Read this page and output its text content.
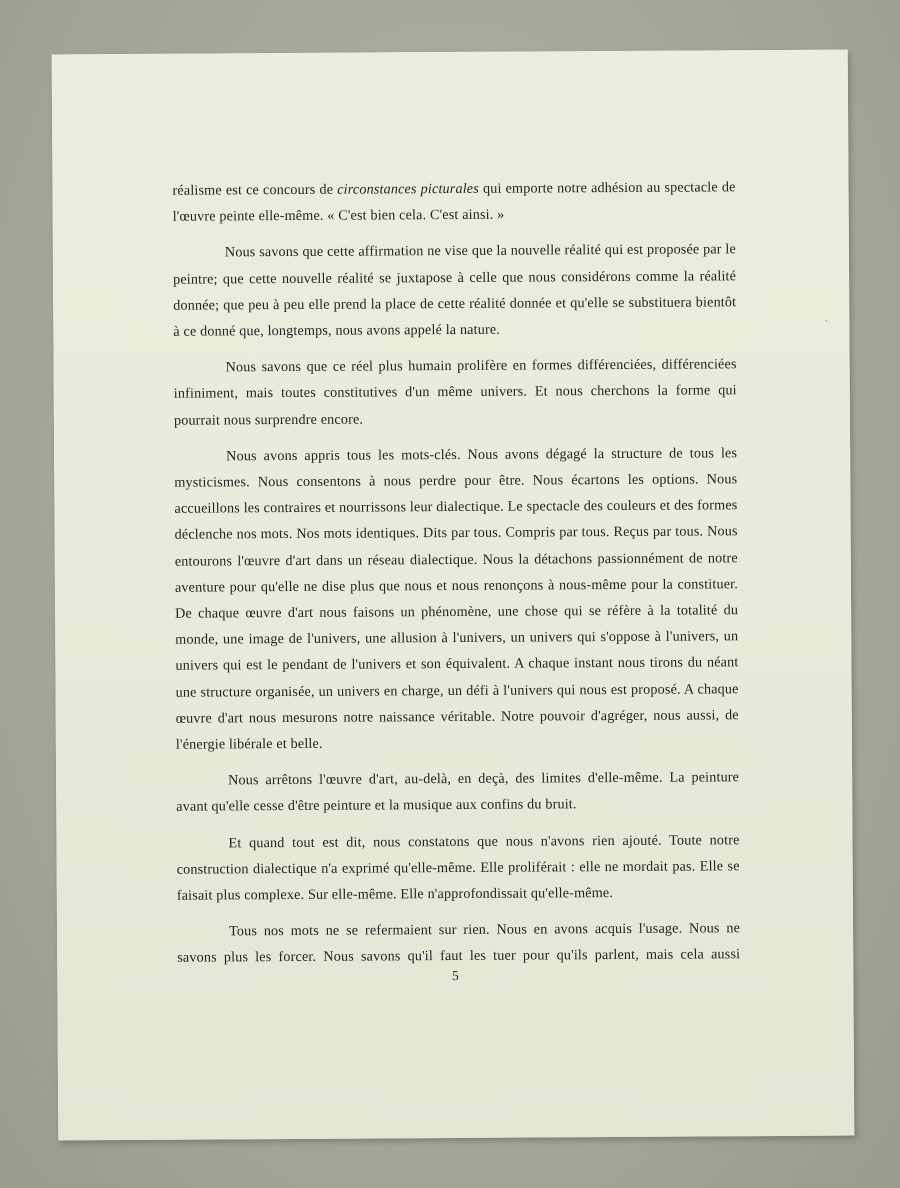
réalisme est ce concours de circonstances picturales qui emporte notre adhésion au spectacle de l'œuvre peinte elle-même. « C'est bien cela. C'est ainsi. »

Nous savons que cette affirmation ne vise que la nouvelle réalité qui est proposée par le peintre; que cette nouvelle réalité se juxtapose à celle que nous considérons comme la réalité donnée; que peu à peu elle prend la place de cette réalité donnée et qu'elle se substituera bientôt à ce donné que, longtemps, nous avons appelé la nature.

Nous savons que ce réel plus humain prolifère en formes différenciées, différenciées infiniment, mais toutes constitutives d'un même univers. Et nous cherchons la forme qui pourrait nous surprendre encore.

Nous avons appris tous les mots-clés. Nous avons dégagé la structure de tous les mysticismes. Nous consentons à nous perdre pour être. Nous écartons les options. Nous accueillons les contraires et nourrissons leur dialectique. Le spectacle des couleurs et des formes déclenche nos mots. Nos mots identiques. Dits par tous. Compris par tous. Reçus par tous. Nous entourons l'œuvre d'art dans un réseau dialectique. Nous la détachons passionnément de notre aventure pour qu'elle ne dise plus que nous et nous renonçons à nous-même pour la constituer. De chaque œuvre d'art nous faisons un phénomène, une chose qui se réfère à la totalité du monde, une image de l'univers, une allusion à l'univers, un univers qui s'oppose à l'univers, un univers qui est le pendant de l'univers et son équivalent. A chaque instant nous tirons du néant une structure organisée, un univers en charge, un défi à l'univers qui nous est proposé. A chaque œuvre d'art nous mesurons notre naissance véritable. Notre pouvoir d'agréger, nous aussi, de l'énergie libérale et belle.

Nous arrêtons l'œuvre d'art, au-delà, en deçà, des limites d'elle-même. La peinture avant qu'elle cesse d'être peinture et la musique aux confins du bruit.

Et quand tout est dit, nous constatons que nous n'avons rien ajouté. Toute notre construction dialectique n'a exprimé qu'elle-même. Elle proliférait : elle ne mordait pas. Elle se faisait plus complexe. Sur elle-même. Elle n'approfondissait qu'elle-même.

Tous nos mots ne se refermaient sur rien. Nous en avons acquis l'usage. Nous ne savons plus les forcer. Nous savons qu'il faut les tuer pour qu'ils parlent, mais cela aussi

5
